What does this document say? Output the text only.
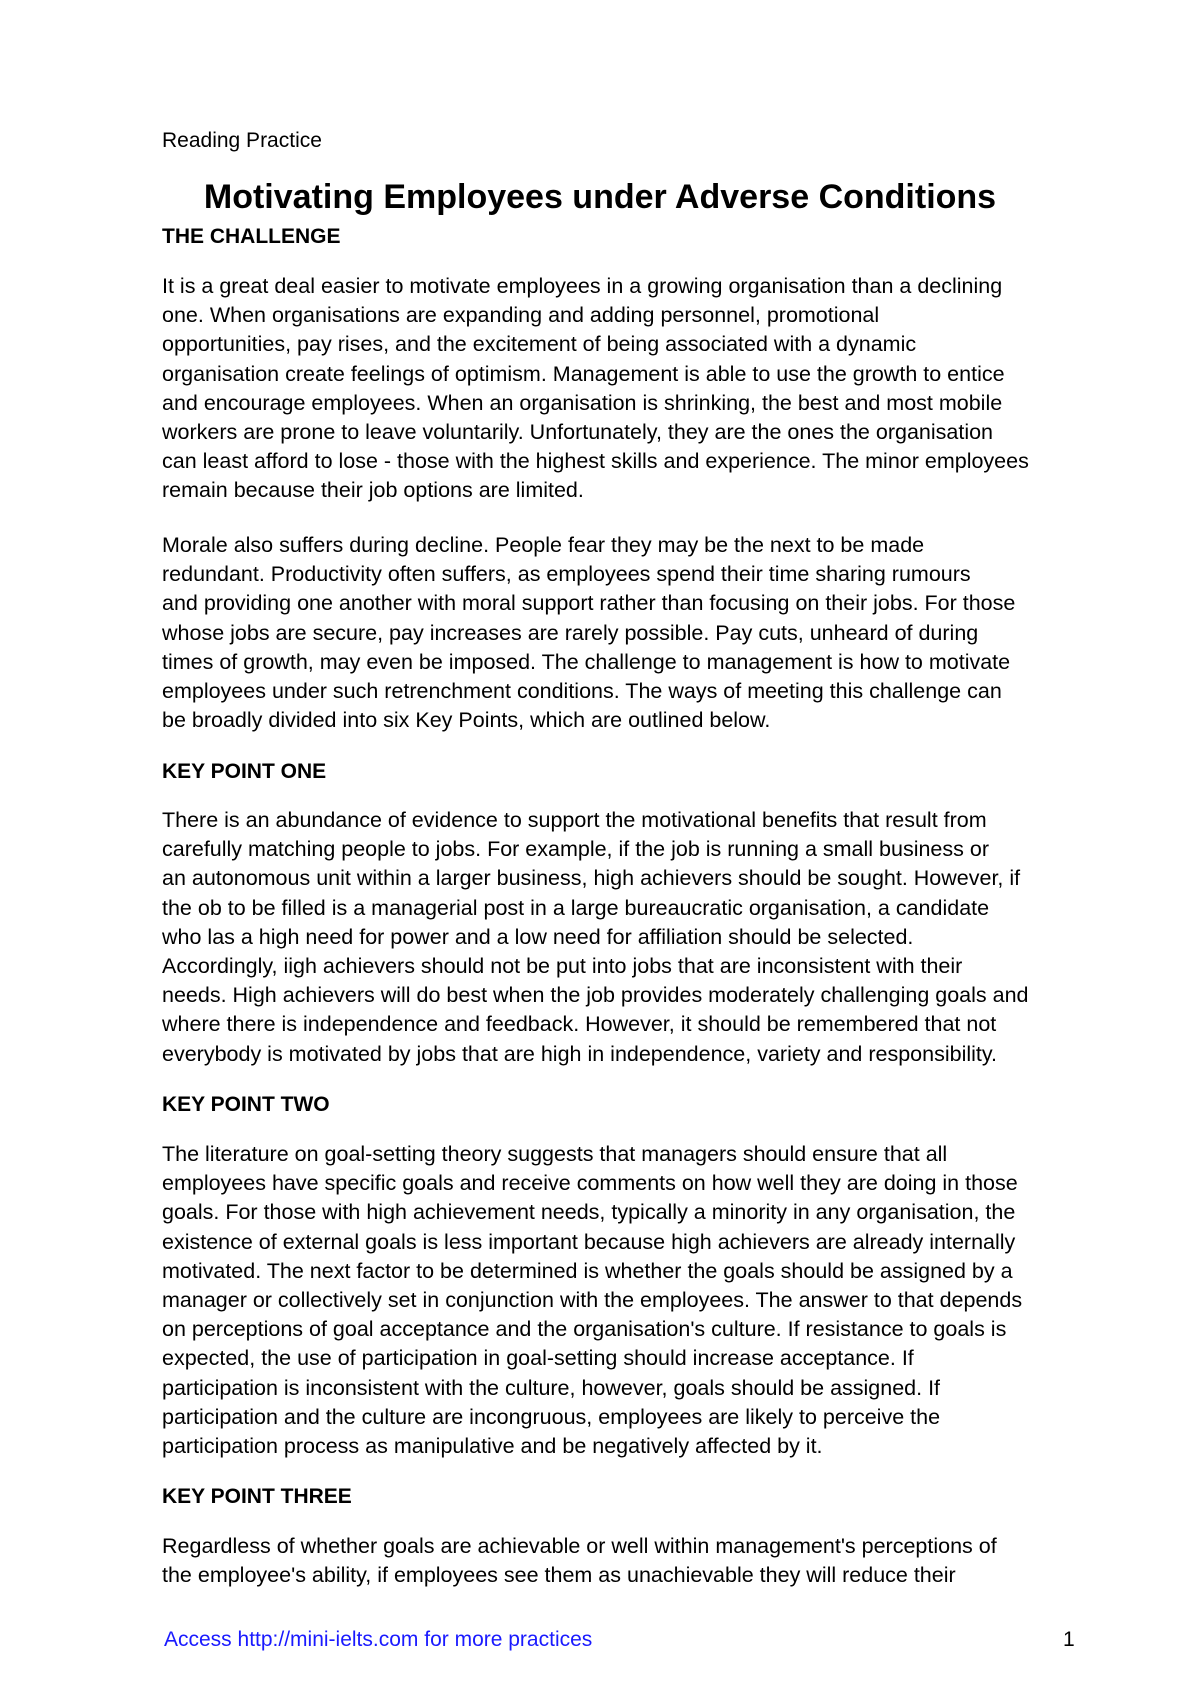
Reading Practice
Motivating Employees under Adverse Conditions
THE CHALLENGE

It is a great deal easier to motivate employees in a growing organisation than a declining
one. When organisations are expanding and adding personnel, promotional
opportunities, pay rises, and the excitement of being associated with a dynamic
organisation create feelings of optimism. Management is able to use the growth to entice
and encourage employees. When an organisation is shrinking, the best and most mobile
workers are prone to leave voluntarily. Unfortunately, they are the ones the organisation
can least afford to lose - those with the highest skills and experience. The minor employees
remain because their job options are limited.

Morale also suffers during decline. People fear they may be the next to be made
redundant. Productivity often suffers, as employees spend their time sharing rumours
and providing one another with moral support rather than focusing on their jobs. For those
whose jobs are secure, pay increases are rarely possible. Pay cuts, unheard of during
times of growth, may even be imposed. The challenge to management is how to motivate
employees under such retrenchment conditions. The ways of meeting this challenge can
be broadly divided into six Key Points, which are outlined below.

KEY POINT ONE

There is an abundance of evidence to support the motivational benefits that result from
carefully matching people to jobs. For example, if the job is running a small business or
an autonomous unit within a larger business, high achievers should be sought. However, if
the ob to be filled is a managerial post in a large bureaucratic organisation, a candidate
who las a high need for power and a low need for affiliation should be selected.
Accordingly, iigh achievers should not be put into jobs that are inconsistent with their
needs. High achievers will do best when the job provides moderately challenging goals and
where there is independence and feedback. However, it should be remembered that not
everybody is motivated by jobs that are high in independence, variety and responsibility.

KEY POINT TWO

The literature on goal-setting theory suggests that managers should ensure that all
employees have specific goals and receive comments on how well they are doing in those
goals. For those with high achievement needs, typically a minority in any organisation, the
existence of external goals is less important because high achievers are already internally
motivated. The next factor to be determined is whether the goals should be assigned by a
manager or collectively set in conjunction with the employees. The answer to that depends
on perceptions of goal acceptance and the organisation's culture. If resistance to goals is
expected, the use of participation in goal-setting should increase acceptance. If
participation is inconsistent with the culture, however, goals should be assigned. If
participation and the culture are incongruous, employees are likely to perceive the
participation process as manipulative and be negatively affected by it.

KEY POINT THREE

Regardless of whether goals are achievable or well within management's perceptions of
the employee's ability, if employees see them as unachievable they will reduce their

Access http://mini-ielts.com for more practices	1
